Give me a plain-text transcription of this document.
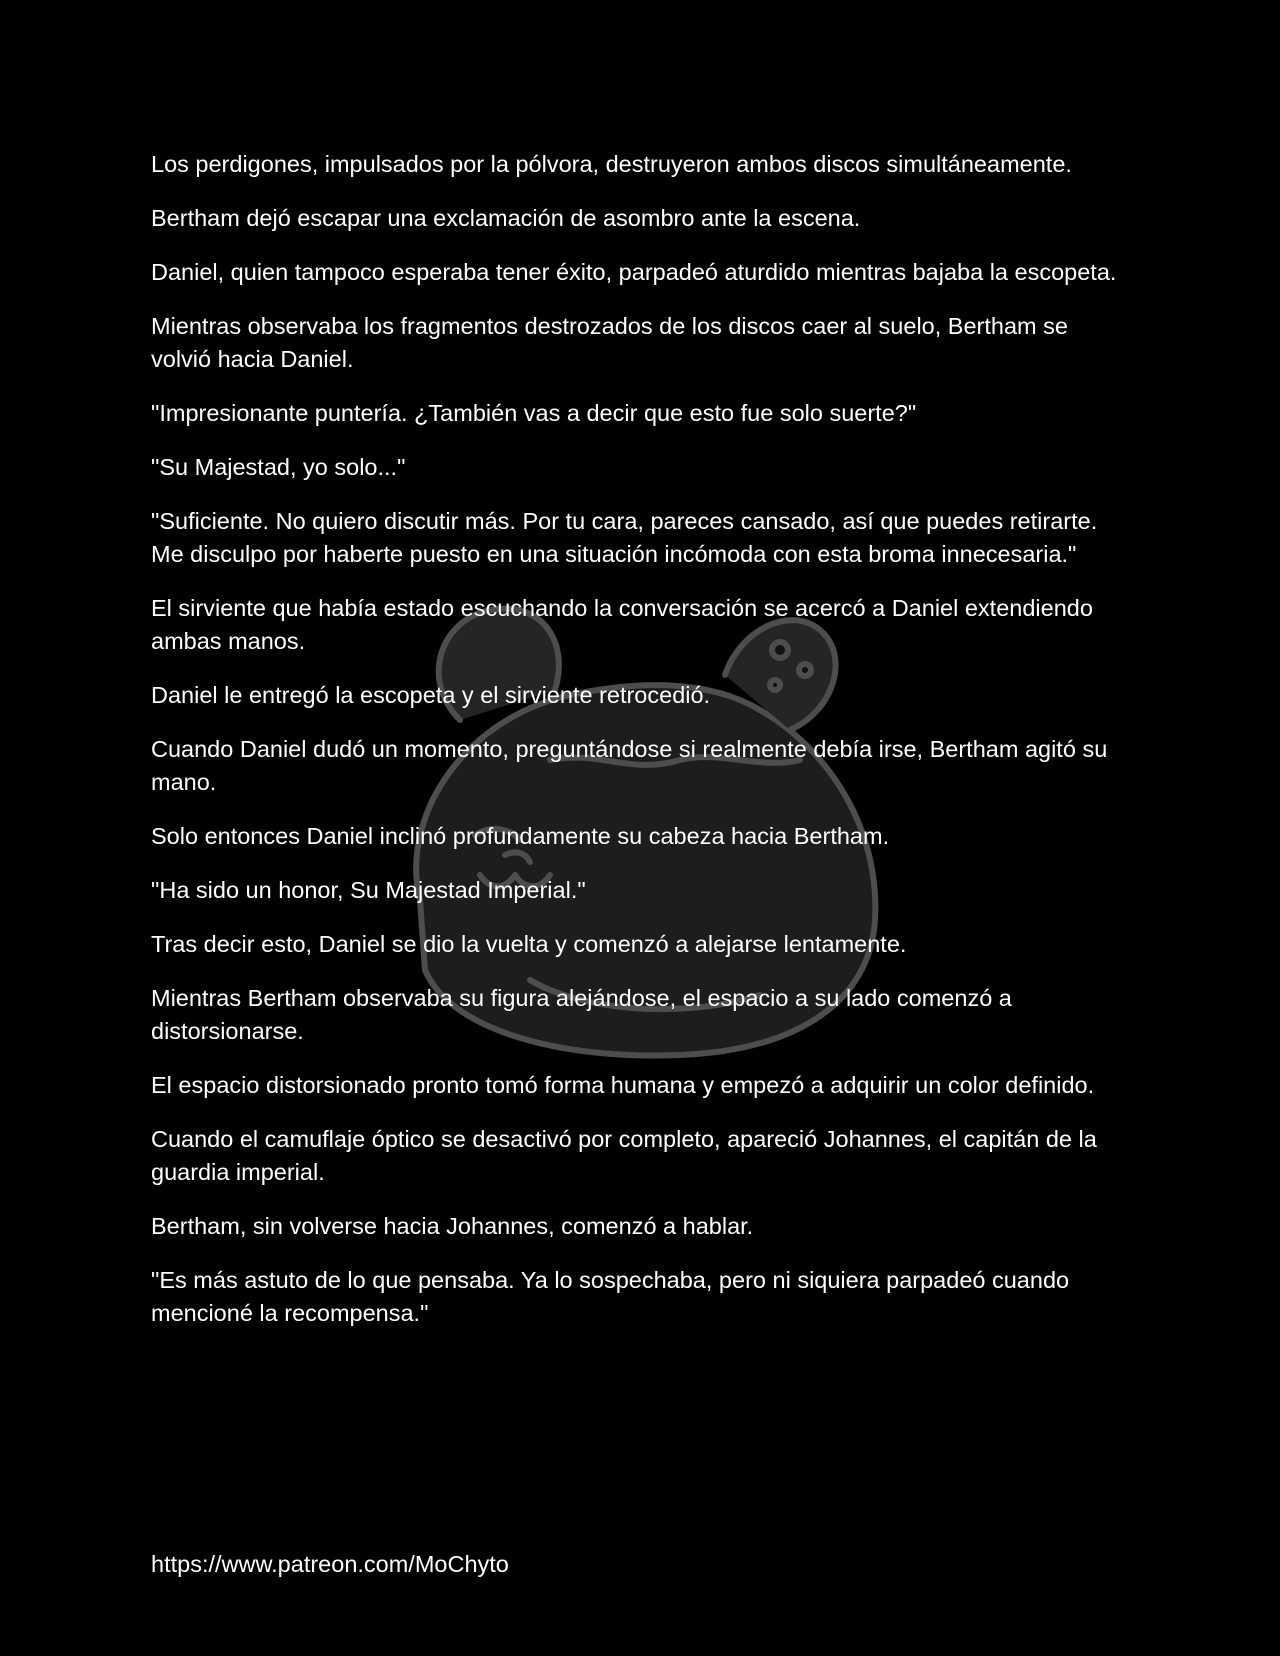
Los perdigones, impulsados por la pólvora, destruyeron ambos discos simultáneamente.

Bertham dejó escapar una exclamación de asombro ante la escena.

Daniel, quien tampoco esperaba tener éxito, parpadeó aturdido mientras bajaba la escopeta.

Mientras observaba los fragmentos destrozados de los discos caer al suelo, Bertham se volvió hacia Daniel.

"Impresionante puntería. ¿También vas a decir que esto fue solo suerte?"

"Su Majestad, yo solo..."

"Suficiente. No quiero discutir más. Por tu cara, pareces cansado, así que puedes retirarte. Me disculpo por haberte puesto en una situación incómoda con esta broma innecesaria."

El sirviente que había estado escuchando la conversación se acercó a Daniel extendiendo ambas manos.

Daniel le entregó la escopeta y el sirviente retrocedió.

Cuando Daniel dudó un momento, preguntándose si realmente debía irse, Bertham agitó su mano.

Solo entonces Daniel inclinó profundamente su cabeza hacia Bertham.

"Ha sido un honor, Su Majestad Imperial."

Tras decir esto, Daniel se dio la vuelta y comenzó a alejarse lentamente.

Mientras Bertham observaba su figura alejándose, el espacio a su lado comenzó a distorsionarse.

El espacio distorsionado pronto tomó forma humana y empezó a adquirir un color definido.

Cuando el camuflaje óptico se desactivó por completo, apareció Johannes, el capitán de la guardia imperial.

Bertham, sin volverse hacia Johannes, comenzó a hablar.

"Es más astuto de lo que pensaba. Ya lo sospechaba, pero ni siquiera parpadeó cuando mencioné la recompensa."

https://www.patreon.com/MoChyto
